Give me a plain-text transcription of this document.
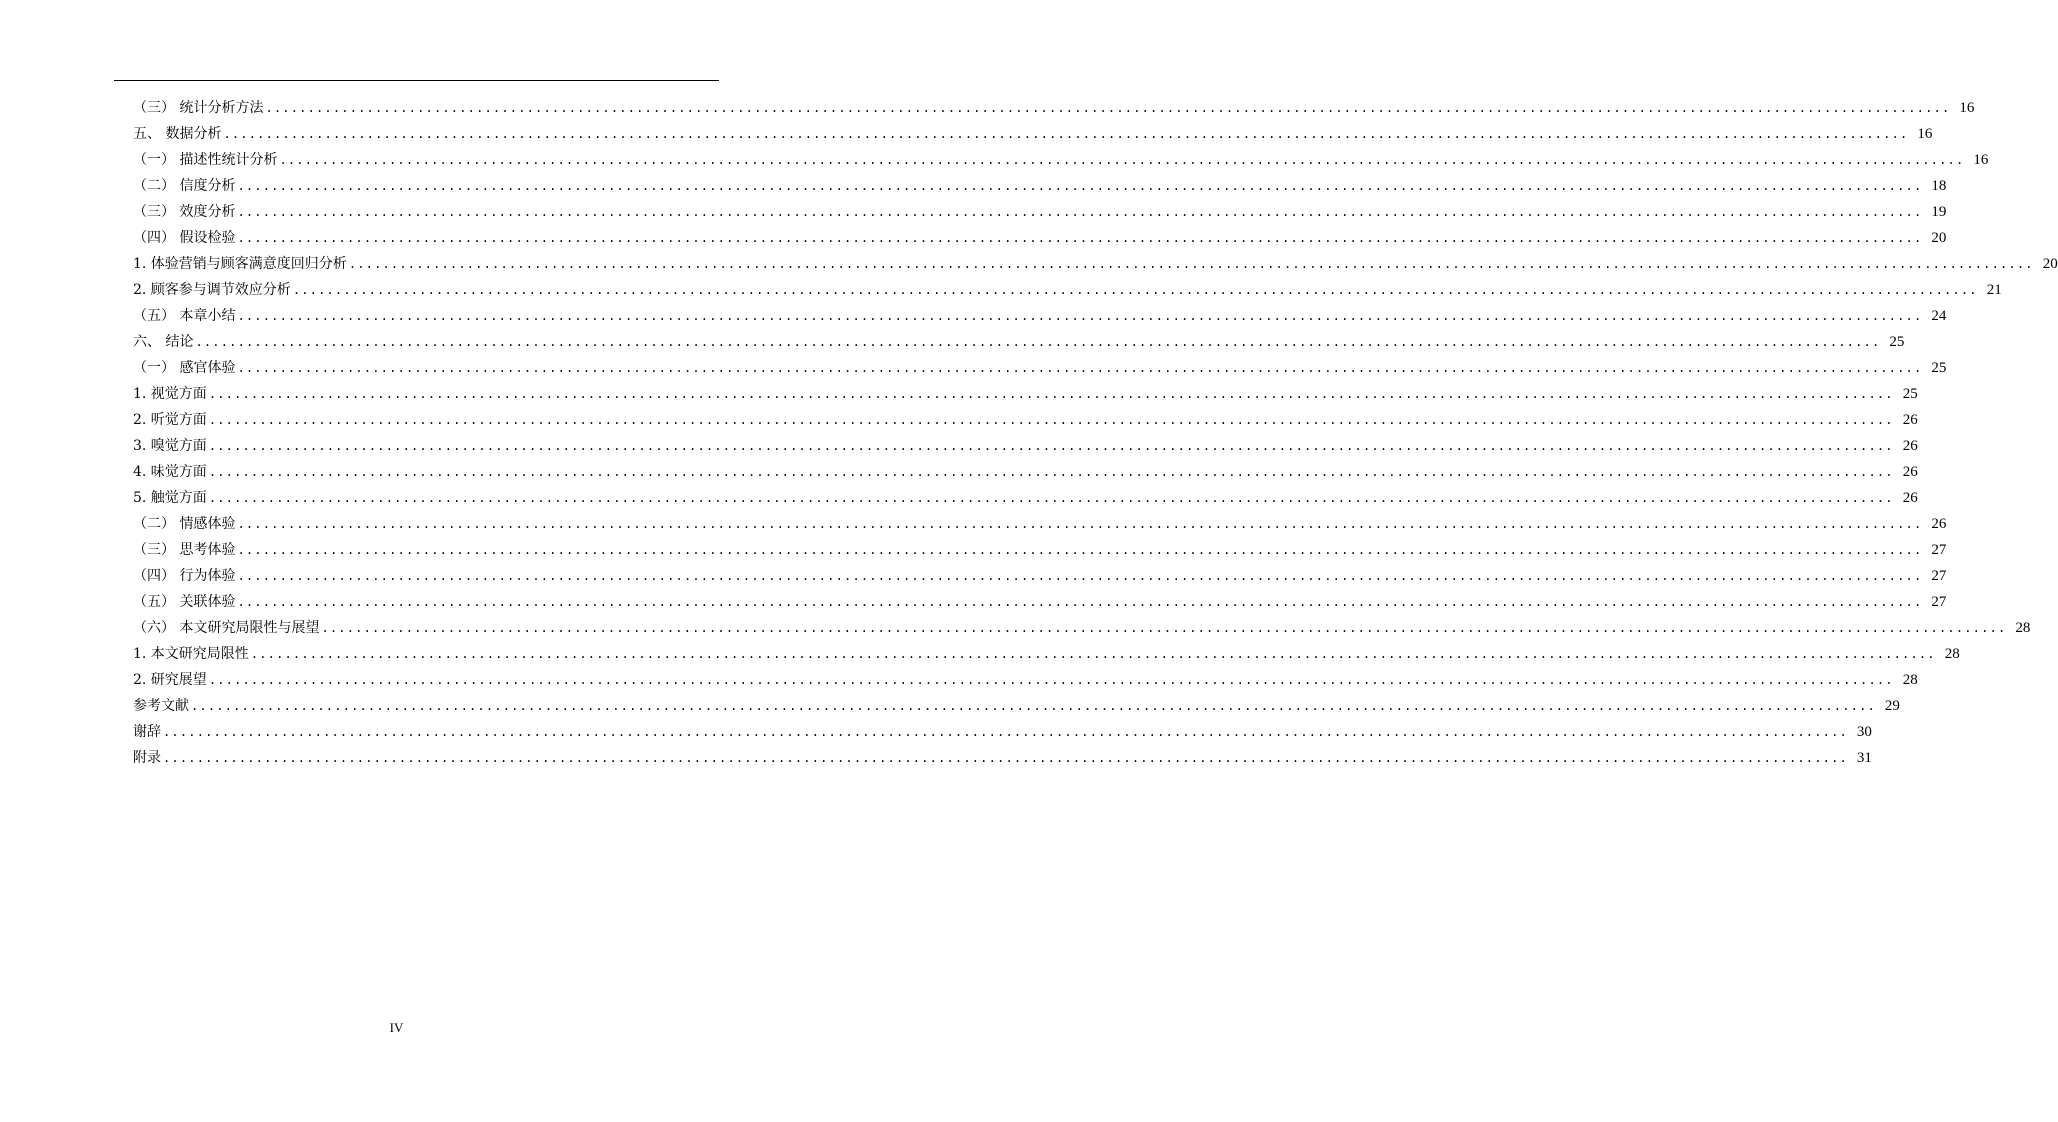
（三） 统计分析方法 ........................................................................................................................................................................................................ 16
五、 数据分析 ........................................................................................................................................................................................................ 16
（一） 描述性统计分析 ........................................................................................................................................................................................................ 16
（二） 信度分析 ........................................................................................................................................................................................................ 18
（三） 效度分析 ........................................................................................................................................................................................................ 19
（四） 假设检验 ........................................................................................................................................................................................................ 20
1. 体验营销与顾客满意度回归分析 ........................................................................................................................................................................................................ 20
2. 顾客参与调节效应分析 ........................................................................................................................................................................................................ 21
（五） 本章小结 ........................................................................................................................................................................................................ 24
六、 结论 ........................................................................................................................................................................................................ 25
（一） 感官体验 ........................................................................................................................................................................................................ 25
1. 视觉方面 ........................................................................................................................................................................................................ 25
2. 听觉方面 ........................................................................................................................................................................................................ 26
3. 嗅觉方面 ........................................................................................................................................................................................................ 26
4. 味觉方面 ........................................................................................................................................................................................................ 26
5. 触觉方面 ........................................................................................................................................................................................................ 26
（二） 情感体验 ........................................................................................................................................................................................................ 26
（三） 思考体验 ........................................................................................................................................................................................................ 27
（四） 行为体验 ........................................................................................................................................................................................................ 27
（五） 关联体验 ........................................................................................................................................................................................................ 27
（六） 本文研究局限性与展望 ........................................................................................................................................................................................................ 28
1. 本文研究局限性 ........................................................................................................................................................................................................ 28
2. 研究展望 ........................................................................................................................................................................................................ 28
参考文献 ........................................................................................................................................................................................................ 29
谢辞 ........................................................................................................................................................................................................ 30
附录 ........................................................................................................................................................................................................ 31
IV
